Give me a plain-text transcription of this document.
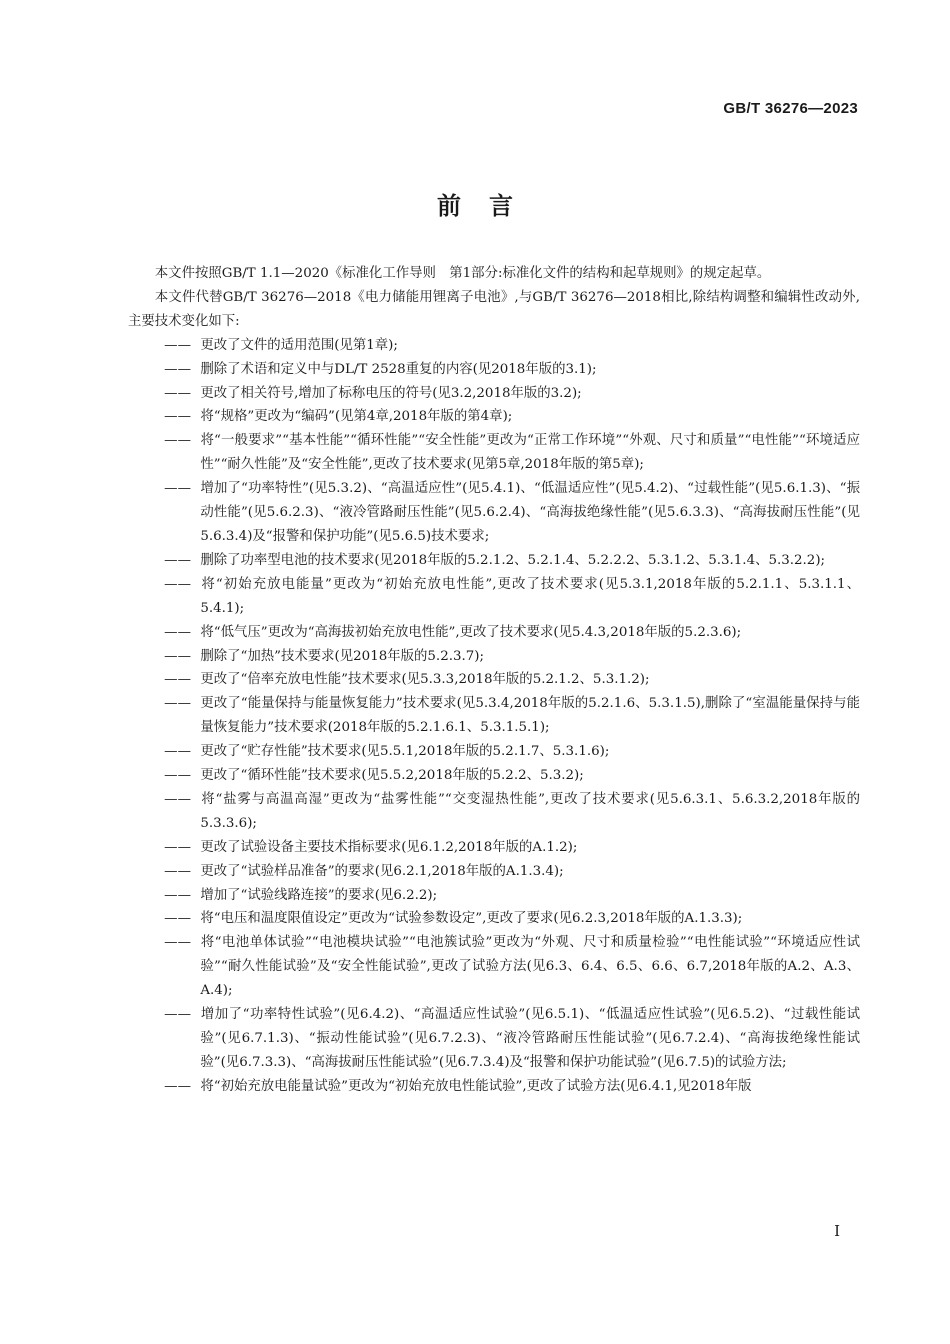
GB/T 36276—2023
前言

本文件按照GB/T 1.1—2020《标准化工作导则　第1部分:标准化文件的结构和起草规则》的规定起草。

本文件代替GB/T 36276—2018《电力储能用锂离子电池》,与GB/T 36276—2018相比,除结构调整和编辑性改动外,主要技术变化如下:

—— 更改了文件的适用范围(见第1章);

—— 删除了术语和定义中与DL/T 2528重复的内容(见2018年版的3.1);

—— 更改了相关符号,增加了标称电压的符号(见3.2,2018年版的3.2);

—— 将“规格”更改为“编码”(见第4章,2018年版的第4章);

—— 将“一般要求”“基本性能”“循环性能”“安全性能”更改为“正常工作环境”“外观、尺寸和质量”“电性能”“环境适应性”“耐久性能”及“安全性能”,更改了技术要求(见第5章,2018年版的第5章);

—— 增加了“功率特性”(见5.3.2)、“高温适应性”(见5.4.1)、“低温适应性”(见5.4.2)、“过载性能”(见5.6.1.3)、“振动性能”(见5.6.2.3)、“液冷管路耐压性能”(见5.6.2.4)、“高海拔绝缘性能”(见5.6.3.3)、“高海拔耐压性能”(见5.6.3.4)及“报警和保护功能”(见5.6.5)技术要求;

—— 删除了功率型电池的技术要求(见2018年版的5.2.1.2、5.2.1.4、5.2.2.2、5.3.1.2、5.3.1.4、5.3.2.2);

—— 将“初始充放电能量”更改为“初始充放电性能”,更改了技术要求(见5.3.1,2018年版的5.2.1.1、5.3.1.1、5.4.1);

—— 将“低气压”更改为“高海拔初始充放电性能”,更改了技术要求(见5.4.3,2018年版的5.2.3.6);

—— 删除了“加热”技术要求(见2018年版的5.2.3.7);

—— 更改了“倍率充放电性能”技术要求(见5.3.3,2018年版的5.2.1.2、5.3.1.2);

—— 更改了“能量保持与能量恢复能力”技术要求(见5.3.4,2018年版的5.2.1.6、5.3.1.5),删除了“室温能量保持与能量恢复能力”技术要求(2018年版的5.2.1.6.1、5.3.1.5.1);

—— 更改了“贮存性能”技术要求(见5.5.1,2018年版的5.2.1.7、5.3.1.6);

—— 更改了“循环性能”技术要求(见5.5.2,2018年版的5.2.2、5.3.2);

—— 将“盐雾与高温高湿”更改为“盐雾性能”“交变湿热性能”,更改了技术要求(见5.6.3.1、5.6.3.2,2018年版的5.3.3.6);

—— 更改了试验设备主要技术指标要求(见6.1.2,2018年版的A.1.2);

—— 更改了“试验样品准备”的要求(见6.2.1,2018年版的A.1.3.4);

—— 增加了“试验线路连接”的要求(见6.2.2);

—— 将“电压和温度限值设定”更改为“试验参数设定”,更改了要求(见6.2.3,2018年版的A.1.3.3);

—— 将“电池单体试验”“电池模块试验”“电池簇试验”更改为“外观、尺寸和质量检验”“电性能试验”“环境适应性试验”“耐久性能试验”及“安全性能试验”,更改了试验方法(见6.3、6.4、6.5、6.6、6.7,2018年版的A.2、A.3、A.4);

—— 增加了“功率特性试验”(见6.4.2)、“高温适应性试验”(见6.5.1)、“低温适应性试验”(见6.5.2)、“过载性能试验”(见6.7.1.3)、“振动性能试验”(见6.7.2.3)、“液冷管路耐压性能试验”(见6.7.2.4)、“高海拔绝缘性能试验”(见6.7.3.3)、“高海拔耐压性能试验”(见6.7.3.4)及“报警和保护功能试验”(见6.7.5)的试验方法;

—— 将“初始充放电能量试验”更改为“初始充放电性能试验”,更改了试验方法(见6.4.1,见2018年版

I
